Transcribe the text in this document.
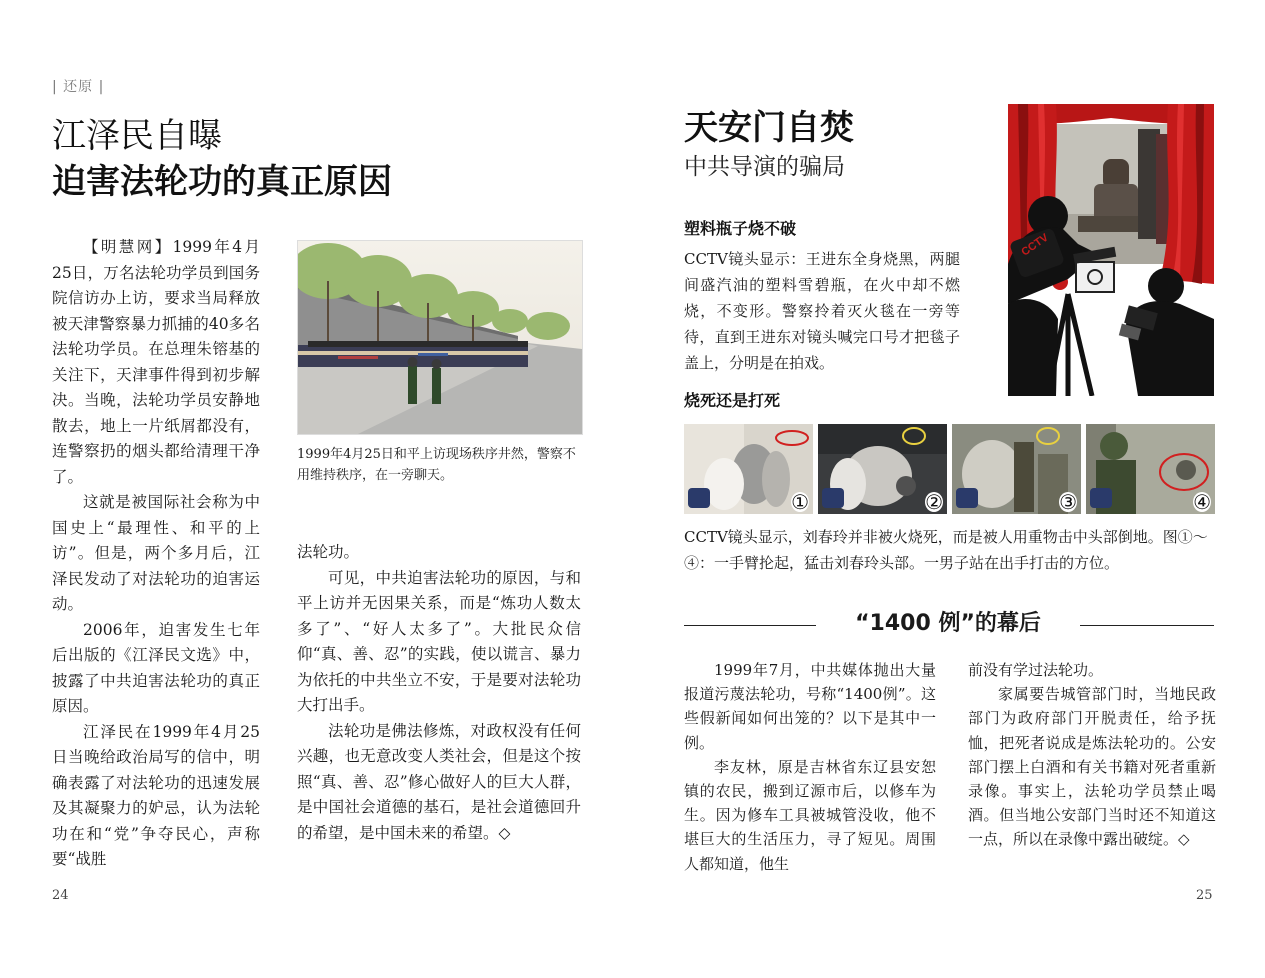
| 还原 |
江泽民自曝
迫害法轮功的真正原因

【明慧网】1999年4月25日，万名法轮功学员到国务院信访办上访，要求当局释放被天津警察暴力抓捕的40多名法轮功学员。在总理朱镕基的关注下，天津事件得到初步解决。当晚，法轮功学员安静地散去，地上一片纸屑都没有，连警察扔的烟头都给清理干净了。

这就是被国际社会称为中国史上“最理性、和平的上访”。但是，两个多月后，江泽民发动了对法轮功的迫害运动。

2006年，迫害发生七年后出版的《江泽民文选》中，披露了中共迫害法轮功的真正原因。

江泽民在1999年4月25日当晚给政治局写的信中，明确表露了对法轮功的迅速发展及其凝聚力的妒忌，认为法轮功在和“党”争夺民心，声称要“战胜

1999年4月25日和平上访现场秩序井然，警察不用维持秩序，在一旁聊天。

法轮功。

可见，中共迫害法轮功的原因，与和平上访并无因果关系，而是“炼功人数太多了”、“好人太多了”。大批民众信仰“真、善、忍”的实践，使以谎言、暴力为依托的中共坐立不安，于是要对法轮功大打出手。

法轮功是佛法修炼，对政权没有任何兴趣，也无意改变人类社会，但是这个按照“真、善、忍”修心做好人的巨大人群，是中国社会道德的基石，是社会道德回升的希望，是中国未来的希望。◇

24
天安门自焚
中共导演的骗局
塑料瓶子烧不破
CCTV镜头显示：王进东全身烧黑，两腿间盛汽油的塑料雪碧瓶，在火中却不燃烧，不变形。警察拎着灭火毯在一旁等待，直到王进东对镜头喊完口号才把毯子盖上，分明是在拍戏。
CCTV
烧死还是打死
①	②	③	④
CCTV镜头显示，刘春玲并非被火烧死，而是被人用重物击中头部倒地。图①～④：一手臂抡起，猛击刘春玲头部。一男子站在出手打击的方位。
“1400 例”的幕后

1999年7月，中共媒体抛出大量报道污蔑法轮功，号称“1400例”。这些假新闻如何出笼的？以下是其中一例。

李友林，原是吉林省东辽县安恕镇的农民，搬到辽源市后，以修车为生。因为修车工具被城管没收，他不堪巨大的生活压力，寻了短见。周围人都知道，他生

前没有学过法轮功。

家属要告城管部门时，当地民政部门为政府部门开脱责任，给予抚恤，把死者说成是炼法轮功的。公安部门摆上白酒和有关书籍对死者重新录像。事实上，法轮功学员禁止喝酒。但当地公安部门当时还不知道这一点，所以在录像中露出破绽。◇

25
